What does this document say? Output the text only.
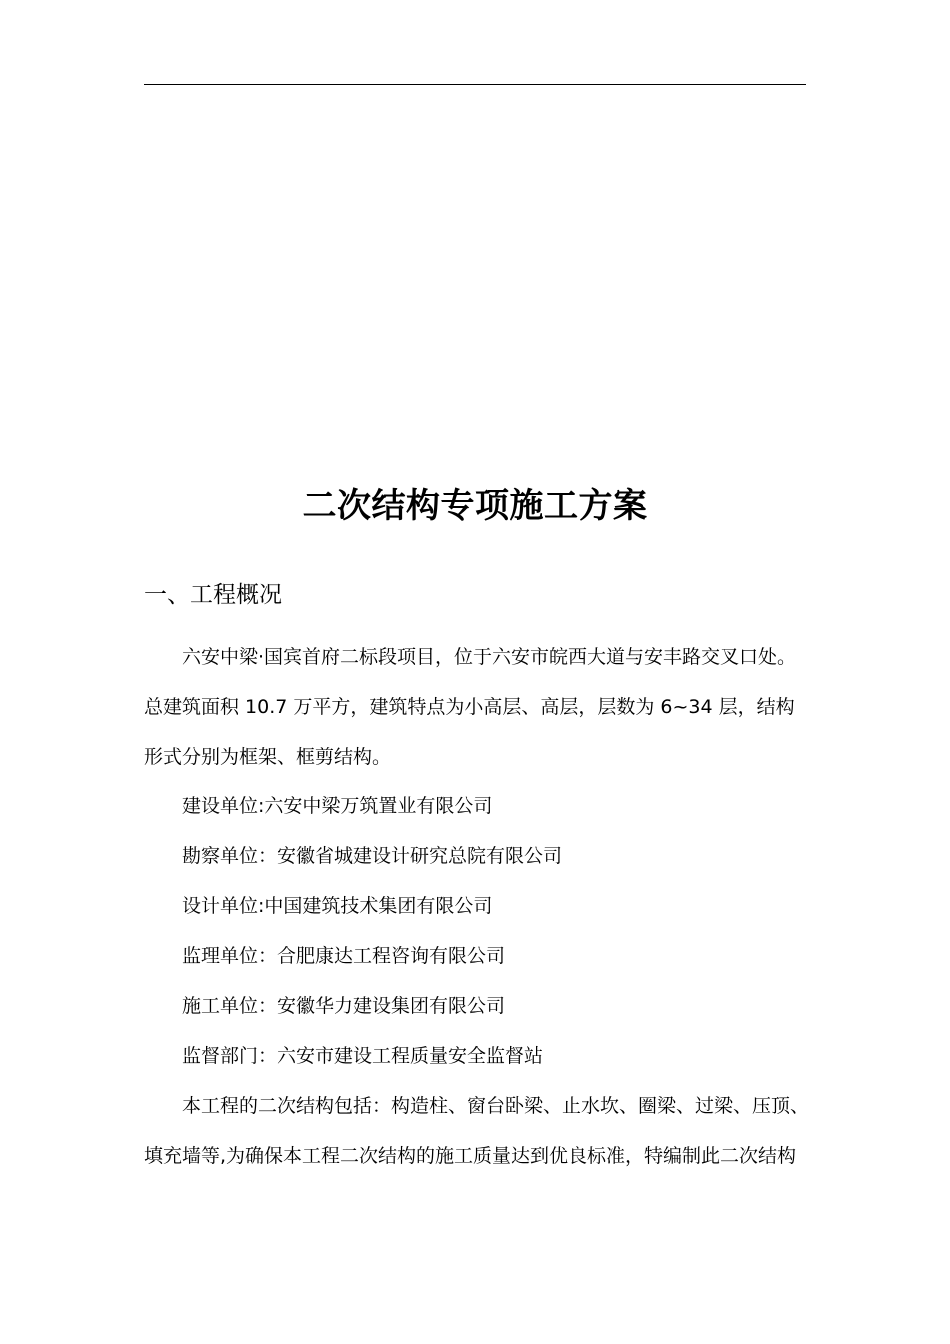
二次结构专项施工方案
一、工程概况
六安中梁·国宾首府二标段项目，位于六安市皖西大道与安丰路交叉口处。
总建筑面积 10.7 万平方，建筑特点为小高层、高层，层数为 6~34 层，结构
形式分别为框架、框剪结构。
建设单位:六安中梁万筑置业有限公司
勘察单位：安徽省城建设计研究总院有限公司
设计单位:中国建筑技术集团有限公司
监理单位：合肥康达工程咨询有限公司
施工单位：安徽华力建设集团有限公司
监督部门：六安市建设工程质量安全监督站
本工程的二次结构包括：构造柱、窗台卧梁、止水坎、圈梁、过梁、压顶、
填充墙等,为确保本工程二次结构的施工质量达到优良标准，特编制此二次结构
